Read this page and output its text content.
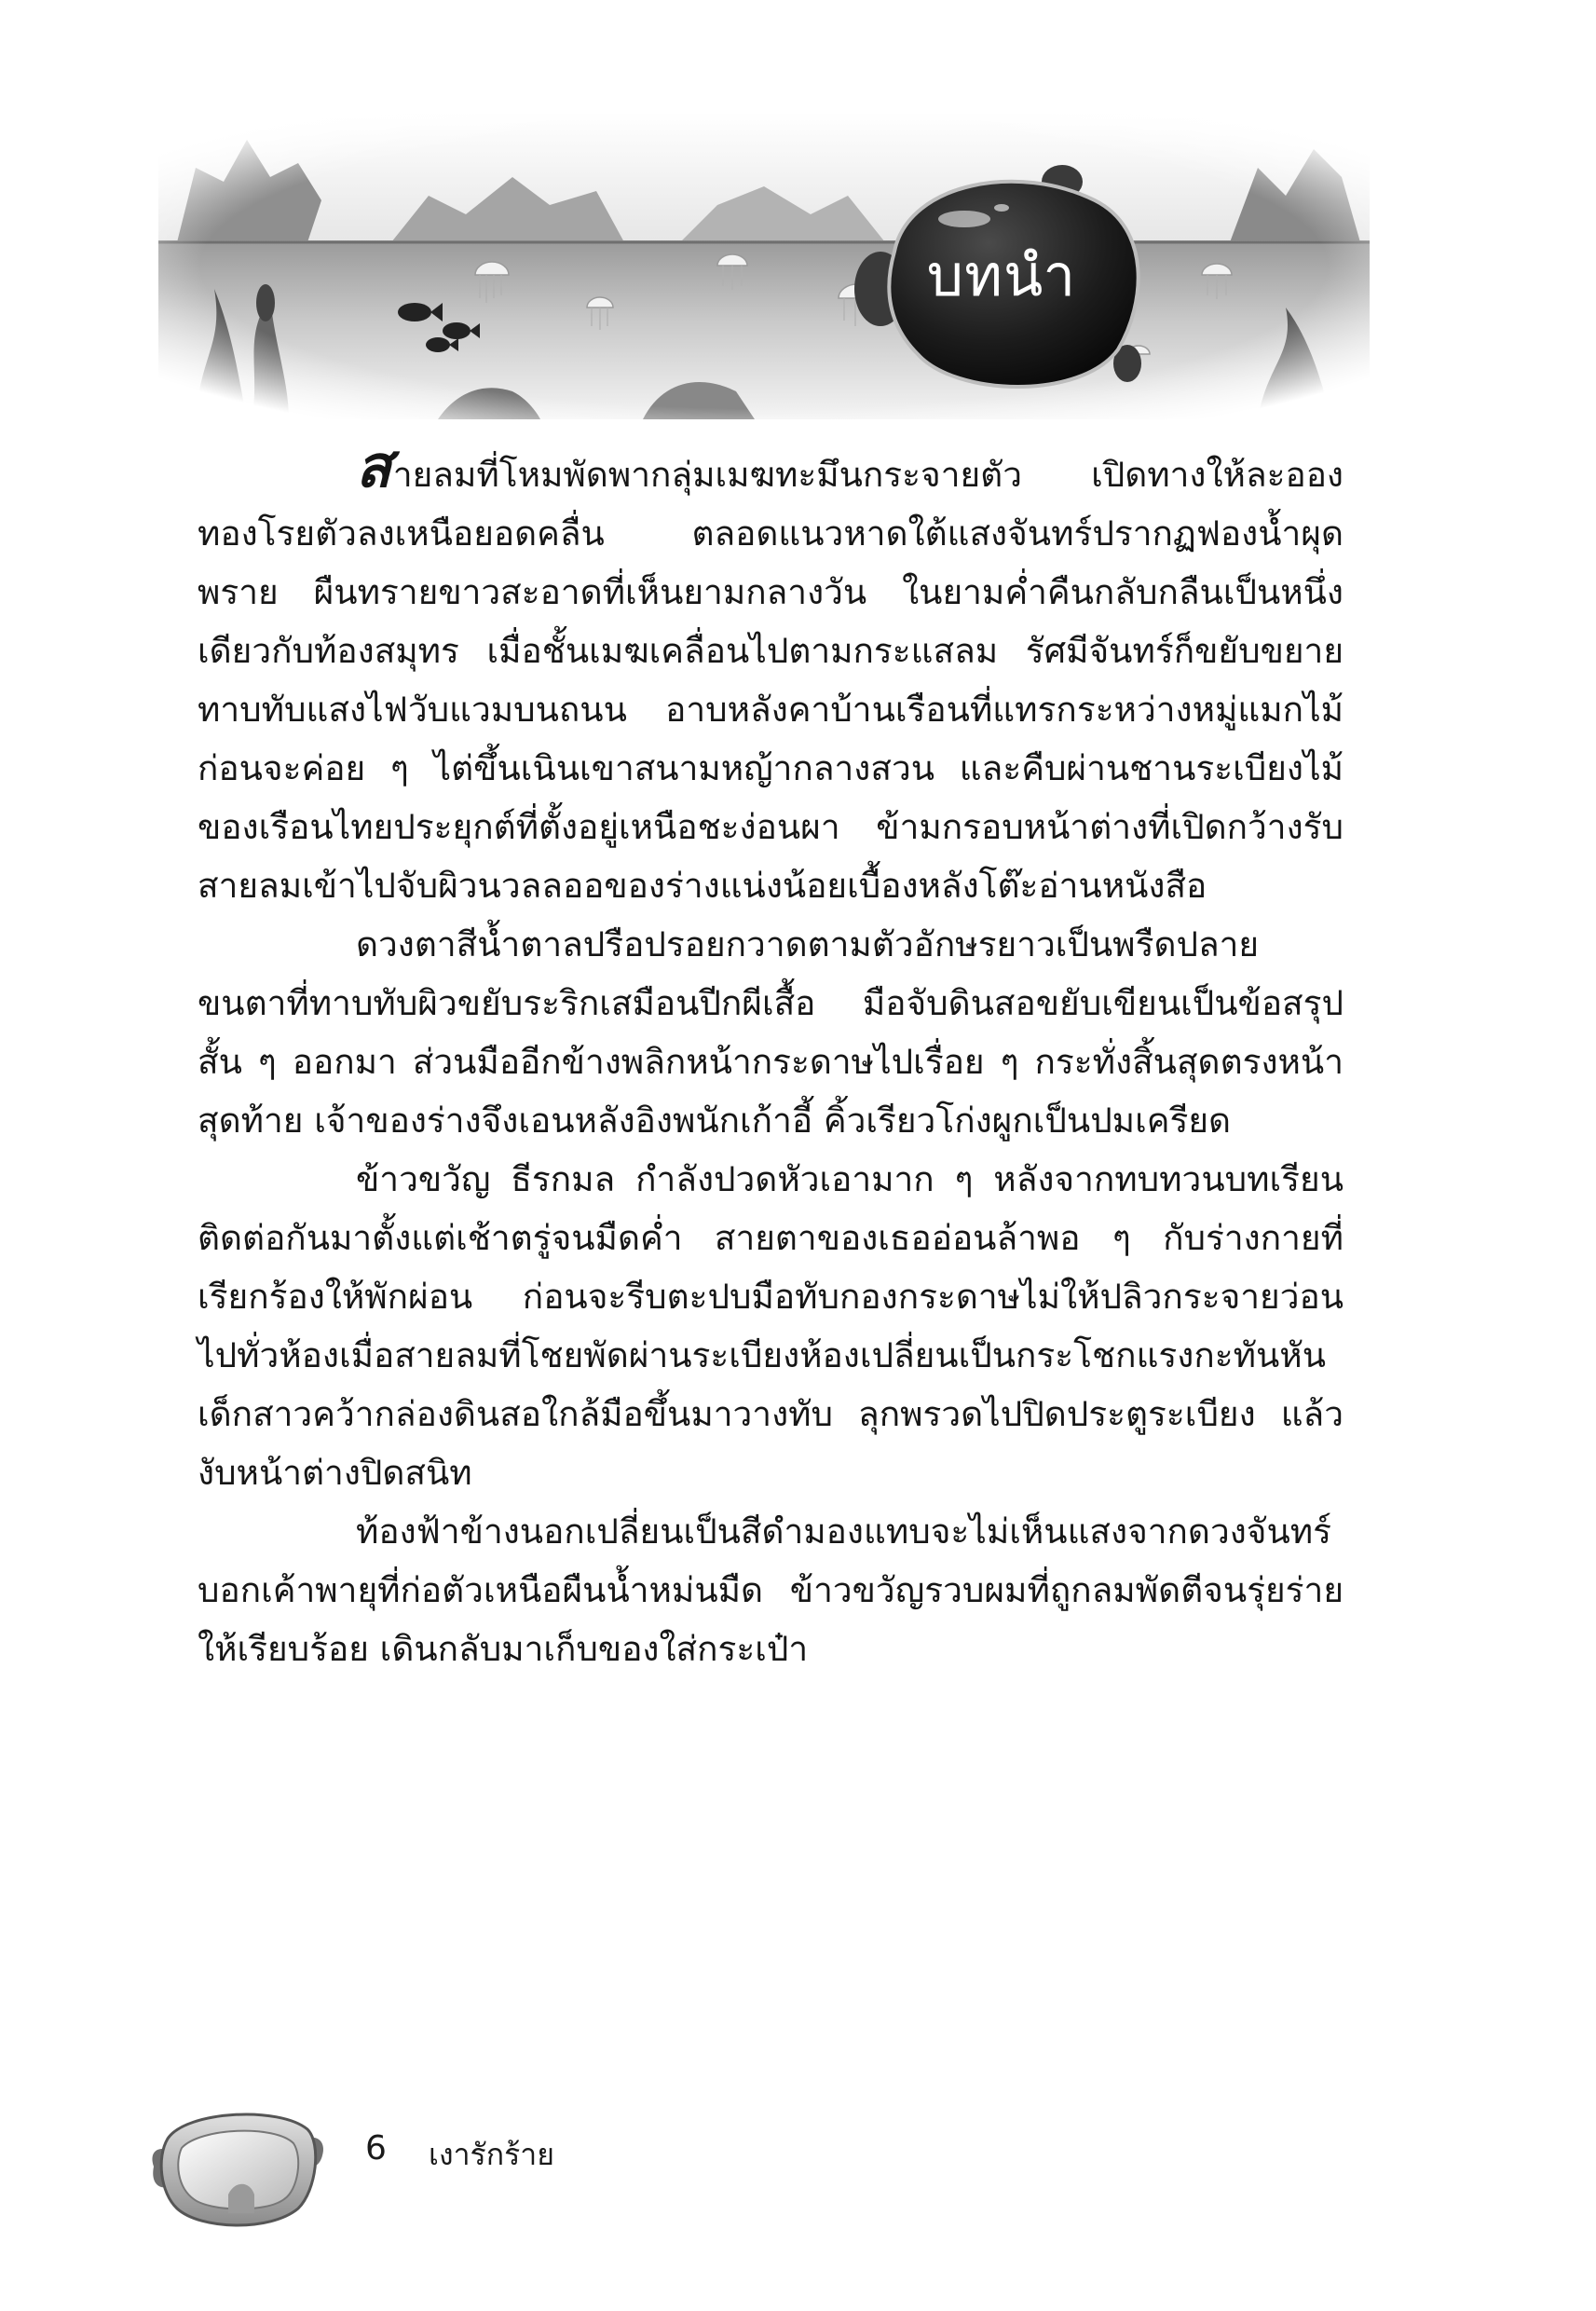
บทนำ

สายลมที่โหมพัดพากลุ่มเมฆทะมึนกระจายตัว เปิดทางให้ละอองทองโรยตัวลงเหนือยอดคลื่น ตลอดแนวหาดใต้แสงจันทร์ปรากฏฟองน้ำผุดพราย ผืนทรายขาวสะอาดที่เห็นยามกลางวัน ในยามค่ำคืนกลับกลืนเป็นหนึ่งเดียวกับท้องสมุทร เมื่อชั้นเมฆเคลื่อนไปตามกระแสลม รัศมีจันทร์ก็ขยับขยายทาบทับแสงไฟวับแวมบนถนน อาบหลังคาบ้านเรือนที่แทรกระหว่างหมู่แมกไม้ ก่อนจะค่อย ๆ ไต่ขึ้นเนินเขาสนามหญ้ากลางสวน และคืบผ่านชานระเบียงไม้ของเรือนไทยประยุกต์ที่ตั้งอยู่เหนือชะง่อนผา ข้ามกรอบหน้าต่างที่เปิดกว้างรับสายลมเข้าไปจับผิวนวลลออของร่างแน่งน้อยเบื้องหลังโต๊ะอ่านหนังสือ

ดวงตาสีน้ำตาลปรือปรอยกวาดตามตัวอักษรยาวเป็นพรืดปลายขนตาที่ทาบทับผิวขยับระริกเสมือนปีกผีเสื้อ มือจับดินสอขยับเขียนเป็นข้อสรุปสั้น ๆ ออกมา ส่วนมืออีกข้างพลิกหน้ากระดาษไปเรื่อย ๆ กระทั่งสิ้นสุดตรงหน้าสุดท้าย เจ้าของร่างจึงเอนหลังอิงพนักเก้าอี้ คิ้วเรียวโก่งผูกเป็นปมเครียด

ข้าวขวัญ ธีรกมล กำลังปวดหัวเอามาก ๆ หลังจากทบทวนบทเรียนติดต่อกันมาตั้งแต่เช้าตรู่จนมืดค่ำ สายตาของเธออ่อนล้าพอ ๆ กับร่างกายที่เรียกร้องให้พักผ่อน ก่อนจะรีบตะปบมือทับกองกระดาษไม่ให้ปลิวกระจายว่อนไปทั่วห้องเมื่อสายลมที่โชยพัดผ่านระเบียงห้องเปลี่ยนเป็นกระโชกแรงกะทันหัน เด็กสาวคว้ากล่องดินสอใกล้มือขึ้นมาวางทับ ลุกพรวดไปปิดประตูระเบียง แล้วงับหน้าต่างปิดสนิท

ท้องฟ้าข้างนอกเปลี่ยนเป็นสีดำมองแทบจะไม่เห็นแสงจากดวงจันทร์ บอกเค้าพายุที่ก่อตัวเหนือผืนน้ำหม่นมืด ข้าวขวัญรวบผมที่ถูกลมพัดตีจนรุ่ยร่ายให้เรียบร้อย เดินกลับมาเก็บของใส่กระเป๋า

6 เงารักร้าย
